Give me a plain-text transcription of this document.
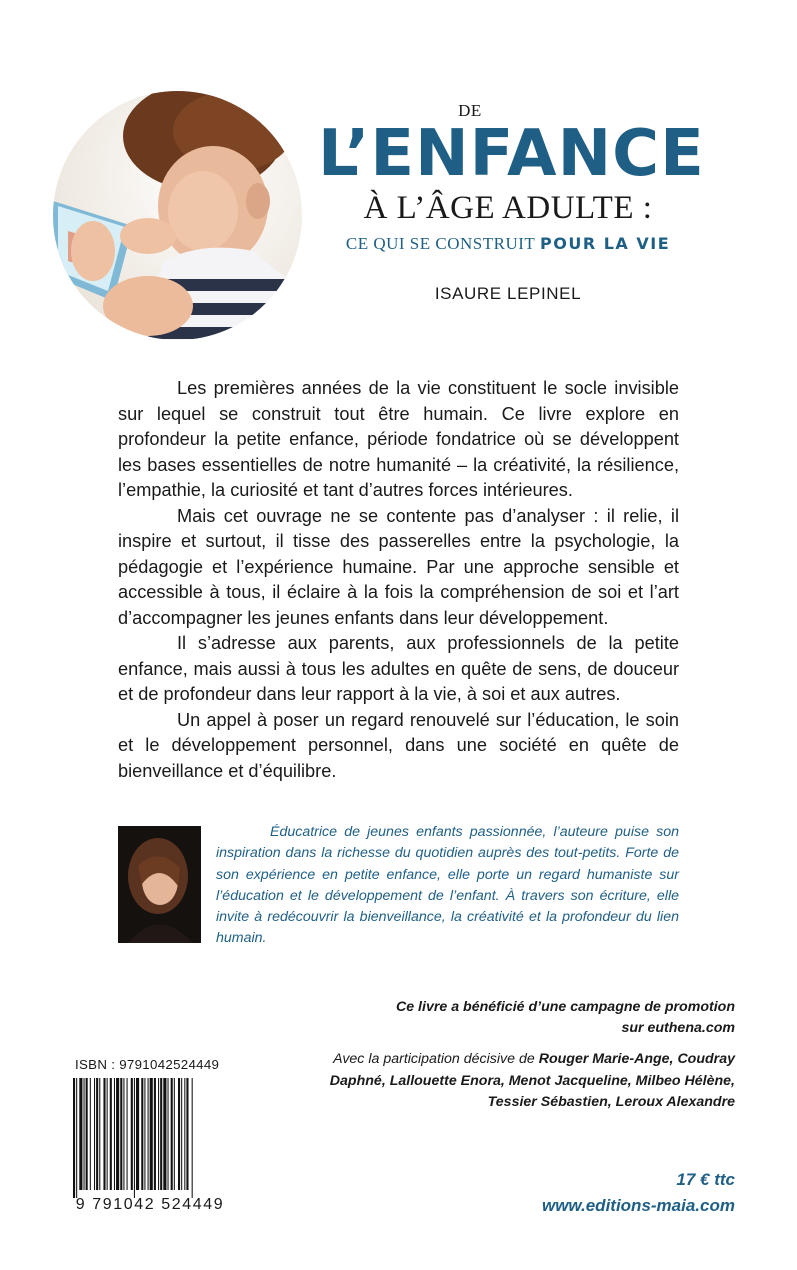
DE
L’ENFANCE
À L’ÂGE ADULTE :
CE QUI SE CONSTRUIT POUR LA VIE
ISAURE LEPINEL

Les premières années de la vie constituent le socle invisible sur lequel se construit tout être humain. Ce livre explore en profondeur la petite enfance, période fondatrice où se développent les bases essentielles de notre humanité – la créativité, la résilience, l’empathie, la curiosité et tant d’autres forces intérieures.

Mais cet ouvrage ne se contente pas d’analyser : il relie, il inspire et surtout, il tisse des passerelles entre la psychologie, la pédagogie et l’expérience humaine. Par une approche sensible et accessible à tous, il éclaire à la fois la compréhension de soi et l’art d’accompagner les jeunes enfants dans leur développement.

Il s’adresse aux parents, aux professionnels de la petite enfance, mais aussi à tous les adultes en quête de sens, de douceur et de profondeur dans leur rapport à la vie, à soi et aux autres.

Un appel à poser un regard renouvelé sur l’éducation, le soin et le développement personnel, dans une société en quête de bienveillance et d’équilibre.

Éducatrice de jeunes enfants passionnée, l’auteure puise son inspiration dans la richesse du quotidien auprès des tout-petits. Forte de son expérience en petite enfance, elle porte un regard humaniste sur l’éducation et le développement de l’enfant. À travers son écriture, elle invite à redécouvrir la bienveillance, la créativité et la profondeur du lien humain.
Ce livre a bénéficié d’une campagne de promotion
sur euthena.com
Avec la participation décisive de Rouger Marie-Ange, Coudray Daphné, Lallouette Enora, Menot Jacqueline, Milbeo Hélène, Tessier Sébastien, Leroux Alexandre
ISBN : 9791042524449
9 791042 524449
17 € ttc
www.editions-maia.com
